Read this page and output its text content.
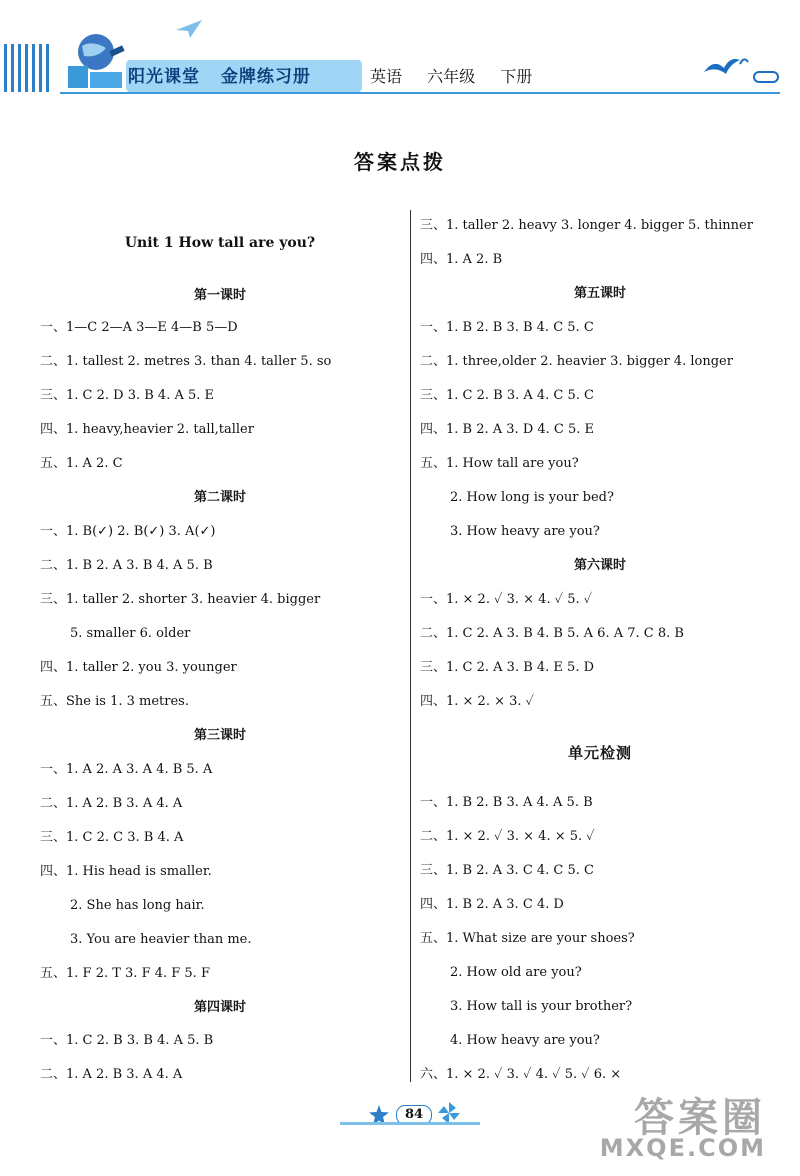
阳光课堂 金牌练习册	英语 六年级 下册
答案点拨
Unit 1 How tall are you?
第一课时
一、1—C 2—A 3—E 4—B 5—D
二、1. tallest 2. metres 3. than 4. taller 5. so
三、1. C 2. D 3. B 4. A 5. E
四、1. heavy,heavier 2. tall,taller
五、1. A 2. C
第二课时
一、1. B(✓) 2. B(✓) 3. A(✓)
二、1. B 2. A 3. B 4. A 5. B
三、1. taller 2. shorter 3. heavier 4. bigger
5. smaller 6. older
四、1. taller 2. you 3. younger
五、She is 1. 3 metres.
第三课时
一、1. A 2. A 3. A 4. B 5. A
二、1. A 2. B 3. A 4. A
三、1. C 2. C 3. B 4. A
四、1. His head is smaller.
2. She has long hair.
3. You are heavier than me.
五、1. F 2. T 3. F 4. F 5. F
第四课时
一、1. C 2. B 3. B 4. A 5. B
二、1. A 2. B 3. A 4. A
三、1. taller 2. heavy 3. longer 4. bigger 5. thinner
四、1. A 2. B
第五课时
一、1. B 2. B 3. B 4. C 5. C
二、1. three,older 2. heavier 3. bigger 4. longer
三、1. C 2. B 3. A 4. C 5. C
四、1. B 2. A 3. D 4. C 5. E
五、1. How tall are you?
2. How long is your bed?
3. How heavy are you?
第六课时
一、1. × 2. ✓ 3. × 4. ✓ 5. ✓
二、1. C 2. A 3. B 4. B 5. A 6. A 7. C 8. B
三、1. C 2. A 3. B 4. E 5. D
四、1. × 2. × 3. ✓
单元检测
一、1. B 2. B 3. A 4. A 5. B
二、1. × 2. ✓ 3. × 4. × 5. ✓
三、1. B 2. A 3. C 4. C 5. C
四、1. B 2. A 3. C 4. D
五、1. What size are your shoes?
2. How old are you?
3. How tall is your brother?
4. How heavy are you?
六、1. × 2. ✓ 3. ✓ 4. ✓ 5. ✓ 6. ×
84	答案圈
MXQE.COM
